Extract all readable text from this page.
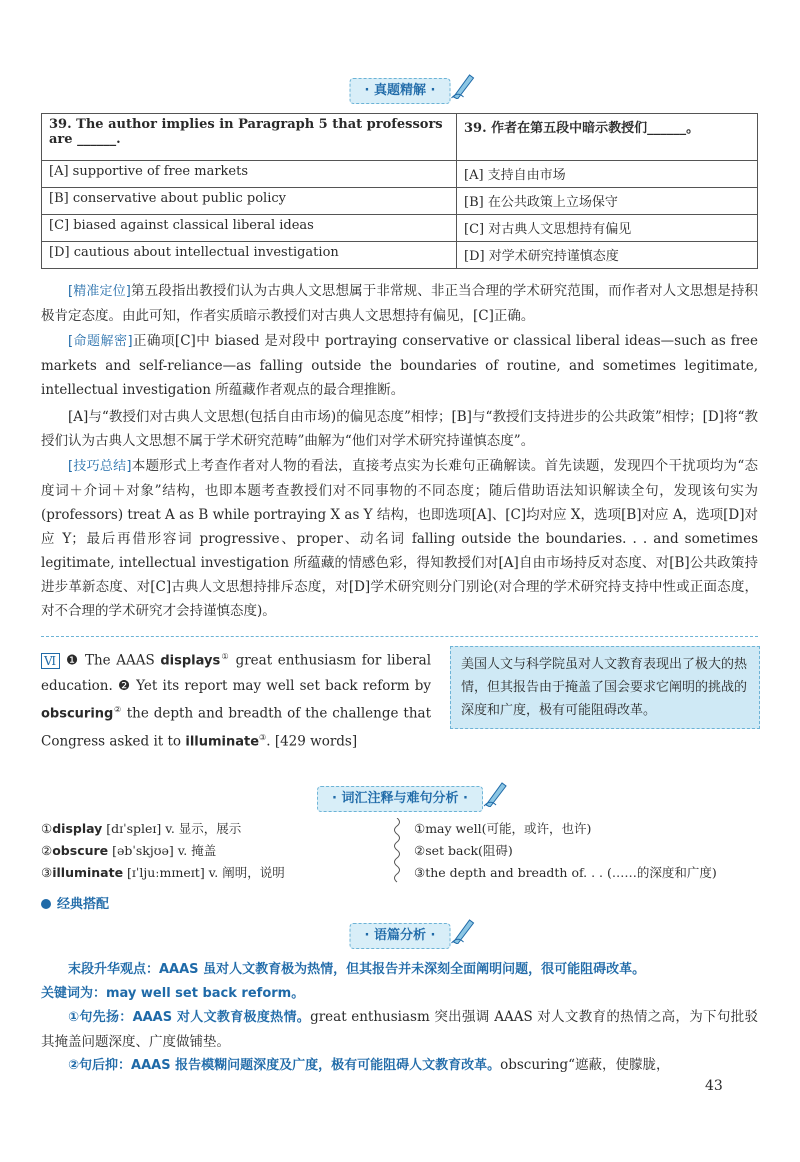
· 真题精解 ·
39. The author implies in Paragraph 5 that professors are ______.	39. 作者在第五段中暗示教授们______。
[A] supportive of free markets	[A] 支持自由市场
[B] conservative about public policy	[B] 在公共政策上立场保守
[C] biased against classical liberal ideas	[C] 对古典人文思想持有偏见
[D] cautious about intellectual investigation	[D] 对学术研究持谨慎态度
[精准定位]第五段指出教授们认为古典人文思想属于非常规、非正当合理的学术研究范围，而作者对人文思想是持积极肯定态度。由此可知，作者实质暗示教授们对古典人文思想持有偏见，[C]正确。
[命题解密]正确项[C]中 biased 是对段中 portraying conservative or classical liberal ideas—such as free markets and self-reliance—as falling outside the boundaries of routine, and sometimes legitimate, intellectual investigation 所蕴藏作者观点的最合理推断。
[A]与“教授们对古典人文思想(包括自由市场)的偏见态度”相悖；[B]与“教授们支持进步的公共政策”相悖；[D]将“教授们认为古典人文思想不属于学术研究范畴”曲解为“他们对学术研究持谨慎态度”。
[技巧总结]本题形式上考查作者对人物的看法，直接考点实为长难句正确解读。首先读题，发现四个干扰项均为“态度词＋介词＋对象”结构，也即本题考查教授们对不同事物的不同态度；随后借助语法知识解读全句，发现该句实为(professors) treat A as B while portraying X as Y 结构，也即选项[A]、[C]均对应 X，选项[B]对应 A，选项[D]对应 Y；最后再借形容词 progressive、proper、动名词 falling outside the boundaries. . . and sometimes legitimate, intellectual investigation 所蕴藏的情感色彩，得知教授们对[A]自由市场持反对态度、对[B]公共政策持进步革新态度、对[C]古典人文思想持排斥态度，对[D]学术研究则分门别论(对合理的学术研究持支持中性或正面态度，对不合理的学术研究才会持谨慎态度)。
Ⅵ ❶ The AAAS displays① great enthusiasm for liberal education. ❷ Yet its report may well set back reform by obscuring② the depth and breadth of the challenge that Congress asked it to illuminate③. [429 words]
美国人文与科学院虽对人文教育表现出了极大的热情，但其报告由于掩盖了国会要求它阐明的挑战的深度和广度，极有可能阻碍改革。
· 词汇注释与难句分析 ·
①display [dɪˈspleɪ] v. 显示，展示
②obscure [əbˈskjʊə] v. 掩盖
③illuminate [ɪˈljuːmɪneɪt] v. 阐明，说明
①may well(可能，或许，也许)
②set back(阻碍)
③the depth and breadth of. . . (……的深度和广度)
经典搭配
· 语篇分析 ·
末段升华观点：AAAS 虽对人文教育极为热情，但其报告并未深刻全面阐明问题，很可能阻碍改革。
关键词为：may well set back reform。
①句先扬：AAAS 对人文教育极度热情。great enthusiasm 突出强调 AAAS 对人文教育的热情之高，为下句批驳其掩盖问题深度、广度做铺垫。
②句后抑：AAAS 报告模糊问题深度及广度，极有可能阻碍人文教育改革。obscuring“遮蔽，使朦胧，
43
